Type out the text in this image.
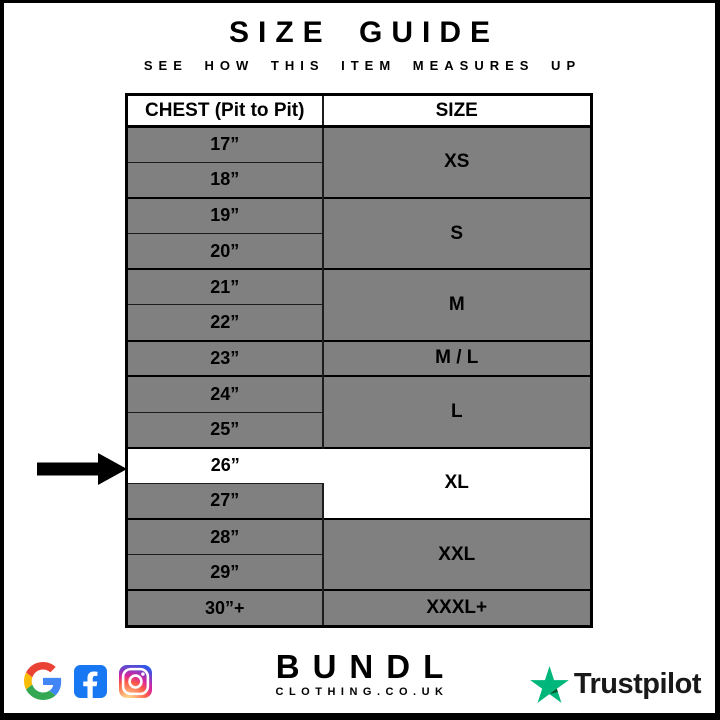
SIZE GUIDE
SEE HOW THIS ITEM MEASURES UP
CHEST (Pit to Pit)	SIZE
17”	XS
18”	
19”	S
20”	
21”	M
22”	
23”	M / L
24”	L
25”	
26”	XL
27”	
28”	XXL
29”	
30”+	XXXL+
BUNDL
CLOTHING.CO.UK	Trustpilot
